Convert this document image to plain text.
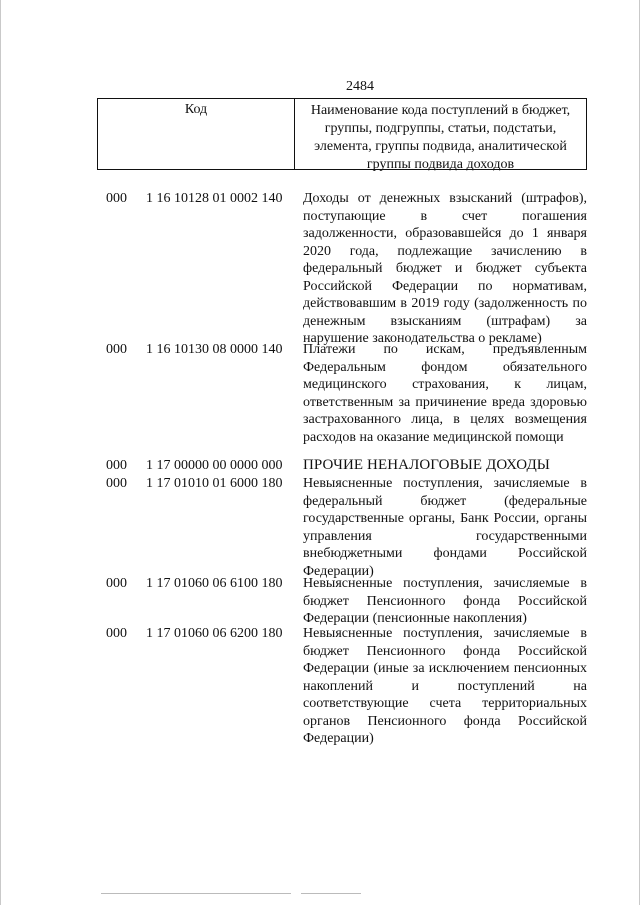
2484
Код	Наименование кода поступлений в бюджет, группы, подгруппы, статьи, подстатьи, элемента, группы подвида, аналитической группы подвида доходов
000 1 16 10128 01 0002 140 Доходы от денежных взысканий (штрафов), поступающие в счет погашения задолженности, образовавшейся до 1 января 2020 года, подлежащие зачислению в федеральный бюджет и бюджет субъекта Российской Федерации по нормативам, действовавшим в 2019 году (задолженность по денежным взысканиям (штрафам) за нарушение законодательства о рекламе)
000 1 16 10130 08 0000 140 Платежи по искам, предъявленным Федеральным фондом обязательного медицинского страхования, к лицам, ответственным за причинение вреда здоровью застрахованного лица, в целях возмещения расходов на оказание медицинской помощи
000 1 17 00000 00 0000 000 ПРОЧИЕ НЕНАЛОГОВЫЕ ДОХОДЫ
000 1 17 01010 01 6000 180 Невыясненные поступления, зачисляемые в федеральный бюджет (федеральные государственные органы, Банк России, органы управления государственными внебюджетными фондами Российской Федерации)
000 1 17 01060 06 6100 180 Невыясненные поступления, зачисляемые в бюджет Пенсионного фонда Российской Федерации (пенсионные накопления)
000 1 17 01060 06 6200 180 Невыясненные поступления, зачисляемые в бюджет Пенсионного фонда Российской Федерации (иные за исключением пенсионных накоплений и поступлений на соответствующие счета территориальных органов Пенсионного фонда Российской Федерации)
